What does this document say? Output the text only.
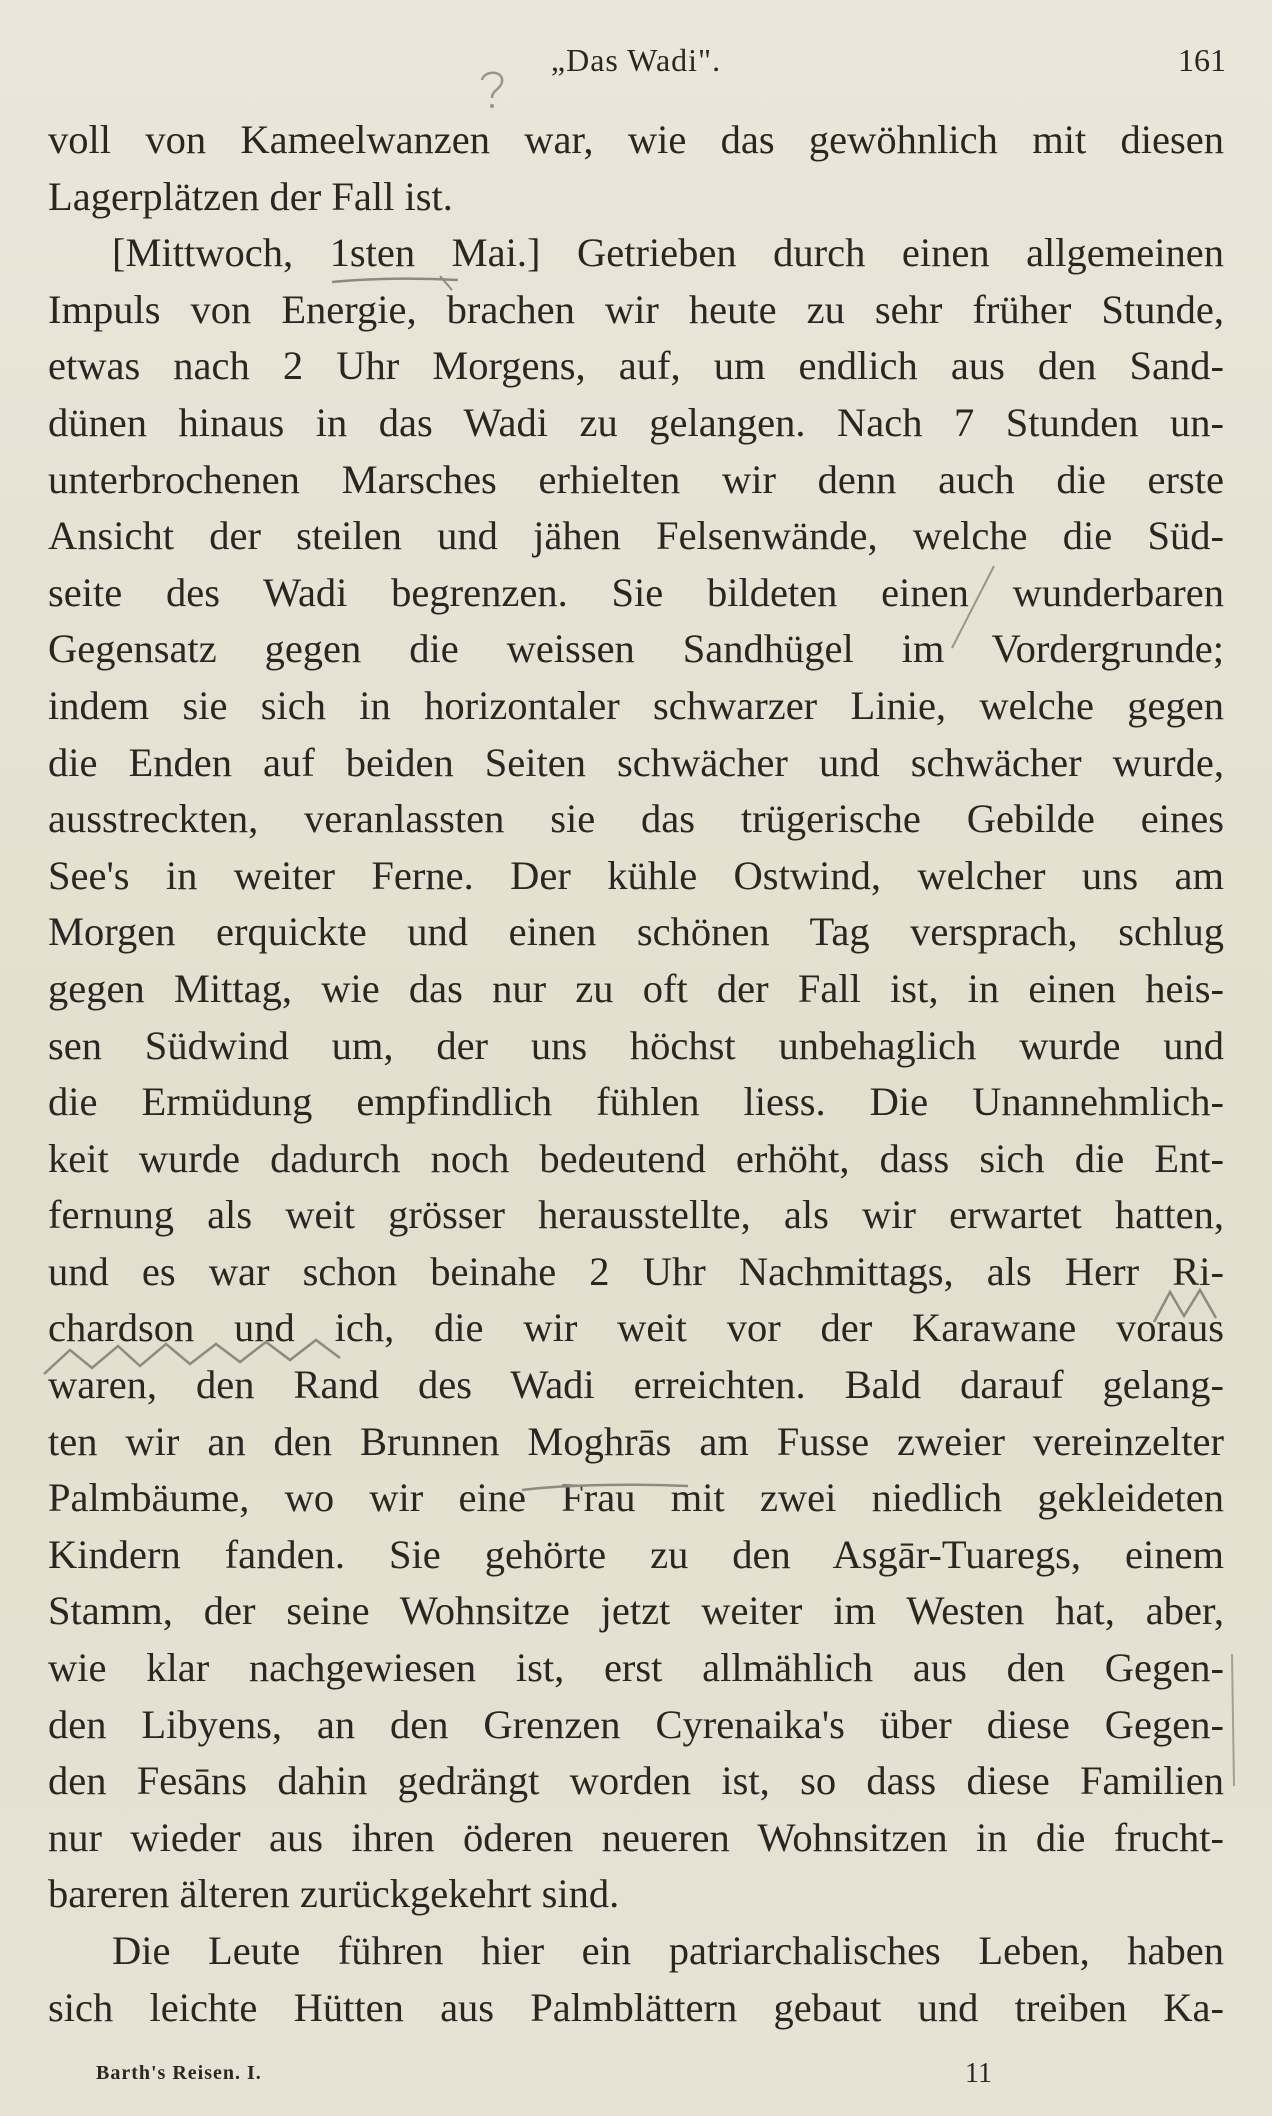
„Das Wadi".	161
voll von Kameelwanzen war, wie das gewöhnlich mit diesen
Lagerplätzen der Fall ist.
[Mittwoch, 1sten Mai.] Getrieben durch einen allgemeinen
Impuls von Energie, brachen wir heute zu sehr früher Stunde,
etwas nach 2 Uhr Morgens, auf, um endlich aus den Sand-
dünen hinaus in das Wadi zu gelangen. Nach 7 Stunden un-
unterbrochenen Marsches erhielten wir denn auch die erste
Ansicht der steilen und jähen Felsenwände, welche die Süd-
seite des Wadi begrenzen. Sie bildeten einen wunderbaren
Gegensatz gegen die weissen Sandhügel im Vordergrunde;
indem sie sich in horizontaler schwarzer Linie, welche gegen
die Enden auf beiden Seiten schwächer und schwächer wurde,
ausstreckten, veranlassten sie das trügerische Gebilde eines
See's in weiter Ferne. Der kühle Ostwind, welcher uns am
Morgen erquickte und einen schönen Tag versprach, schlug
gegen Mittag, wie das nur zu oft der Fall ist, in einen heis-
sen Südwind um, der uns höchst unbehaglich wurde und
die Ermüdung empfindlich fühlen liess. Die Unannehmlich-
keit wurde dadurch noch bedeutend erhöht, dass sich die Ent-
fernung als weit grösser herausstellte, als wir erwartet hatten,
und es war schon beinahe 2 Uhr Nachmittags, als Herr Ri-
chardson und ich, die wir weit vor der Karawane voraus
waren, den Rand des Wadi erreichten. Bald darauf gelang-
ten wir an den Brunnen Moghrās am Fusse zweier vereinzelter
Palmbäume, wo wir eine Frau mit zwei niedlich gekleideten
Kindern fanden. Sie gehörte zu den Asgār-Tuaregs, einem
Stamm, der seine Wohnsitze jetzt weiter im Westen hat, aber,
wie klar nachgewiesen ist, erst allmählich aus den Gegen-
den Libyens, an den Grenzen Cyrenaika's über diese Gegen-
den Fesāns dahin gedrängt worden ist, so dass diese Familien
nur wieder aus ihren öderen neueren Wohnsitzen in die frucht-
bareren älteren zurückgekehrt sind.
Die Leute führen hier ein patriarchalisches Leben, haben
sich leichte Hütten aus Palmblättern gebaut und treiben Ka-
Barth's Reisen. I.	11
